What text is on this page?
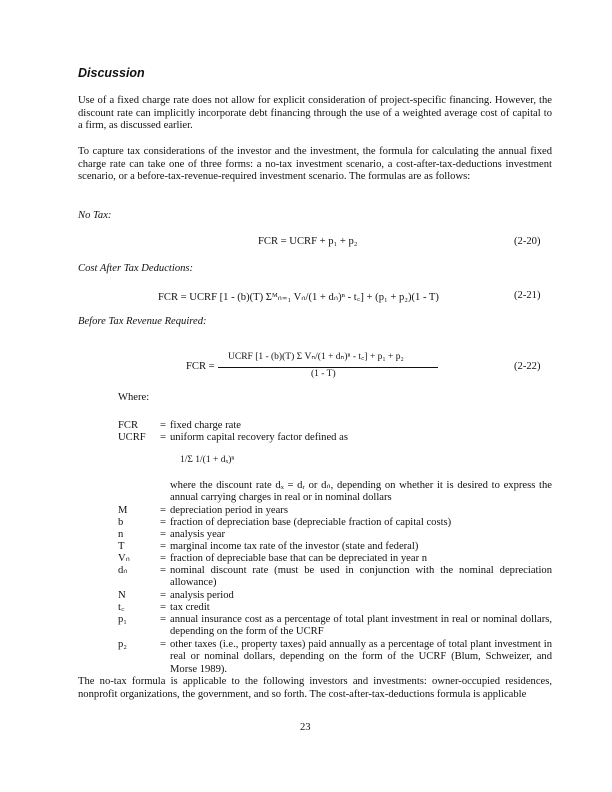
Discussion

Use of a fixed charge rate does not allow for explicit consideration of project-specific financing. However, the discount rate can implicitly incorporate debt financing through the use of a weighted average cost of capital to a firm, as discussed earlier.

To capture tax considerations of the investor and the investment, the formula for calculating the annual fixed charge rate can take one of three forms: a no-tax investment scenario, a cost-after-tax-deductions investment scenario, or a before-tax-revenue-required investment scenario. The formulas are as follows:

No Tax:
FCR = UCRF + p₁ + p₂	(2-20)
Cost After Tax Deductions:
FCR = UCRF [1 - (b)(T) Σᴹₙ₌₁ Vₙ/(1 + dₙ)ⁿ - t꜀] + (p₁ + p₂)(1 - T)	(2-21)
Before Tax Revenue Required:
FCR =
UCRF [1 - (b)(T) Σ Vₙ/(1 + dₙ)ⁿ - t꜀] + p₁ + p₂
(1 - T)
(2-22)
Where:
FCR = fixed charge rate
UCRF = uniform capital recovery factor defined as
1/Σ 1/(1 + dₓ)ⁿ
where the discount rate dₓ = dᵣ or dₙ, depending on whether it is desired to express the annual carrying charges in real or in nominal dollars
M	= depreciation period in years
b	= fraction of depreciation base (depreciable fraction of capital costs)
n	= analysis year
T	= marginal income tax rate of the investor (state and federal)
Vₙ	= fraction of depreciable base that can be depreciated in year n
dₙ	= nominal discount rate (must be used in conjunction with the nominal depreciation allowance)
N	= analysis period
t꜀	= tax credit
p₁	= annual insurance cost as a percentage of total plant investment in real or nominal dollars, depending on the form of the UCRF
p₂	= other taxes (i.e., property taxes) paid annually as a percentage of total plant investment in real or nominal dollars, depending on the form of the UCRF (Blum, Schweizer, and Morse 1989).

The no-tax formula is applicable to the following investors and investments: owner-occupied residences, nonprofit organizations, the government, and so forth. The cost-after-tax-deductions formula is applicable

23
